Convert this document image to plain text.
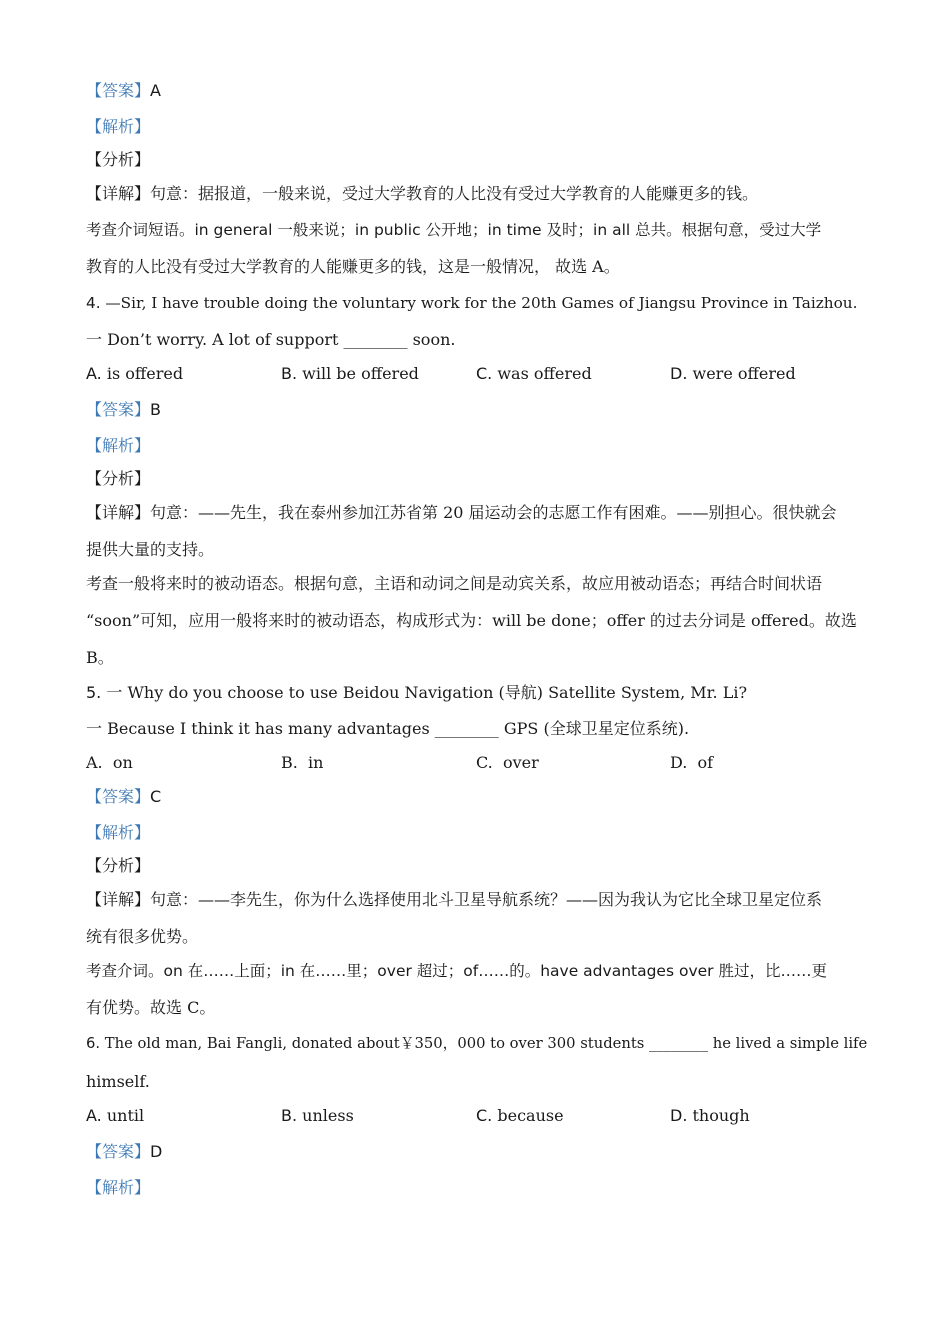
【答案】A
【解析】
【分析】
【详解】句意：据报道，一般来说，受过大学教育的人比没有受过大学教育的人能赚更多的钱。
考查介词短语。in general 一般来说；in public 公开地；in time 及时；in all 总共。根据句意，受过大学
教育的人比没有受过大学教育的人能赚更多的钱，这是一般情况， 故选 A。
4. —Sir, I have trouble doing the voluntary work for the 20th Games of Jiangsu Province in Taizhou.
一 Don’t worry. A lot of support ________ soon.
A. is offered	B. will be offered	C. was offered	D. were offered
【答案】B
【解析】
【分析】
【详解】句意：——先生，我在泰州参加江苏省第 20 届运动会的志愿工作有困难。——别担心。很快就会
提供大量的支持。
考查一般将来时的被动语态。根据句意，主语和动词之间是动宾关系，故应用被动语态；再结合时间状语
“soon”可知，应用一般将来时的被动语态，构成形式为：will be done；offer 的过去分词是 offered。故选
B。
5. 一 Why do you choose to use Beidou Navigation (导航) Satellite System, Mr. Li?
一 Because I think it has many advantages ________ GPS (全球卫星定位系统).
A. on	B. in	C. over	D. of
【答案】C
【解析】
【分析】
【详解】句意：——李先生，你为什么选择使用北斗卫星导航系统？——因为我认为它比全球卫星定位系
统有很多优势。
考查介词。on 在……上面；in 在……里；over 超过；of……的。have advantages over 胜过，比……更
有优势。故选 C。
6. The old man, Bai Fangli, donated about￥350，000 to over 300 students ________ he lived a simple life
himself.
A. until	B. unless	C. because	D. though
【答案】D
【解析】
